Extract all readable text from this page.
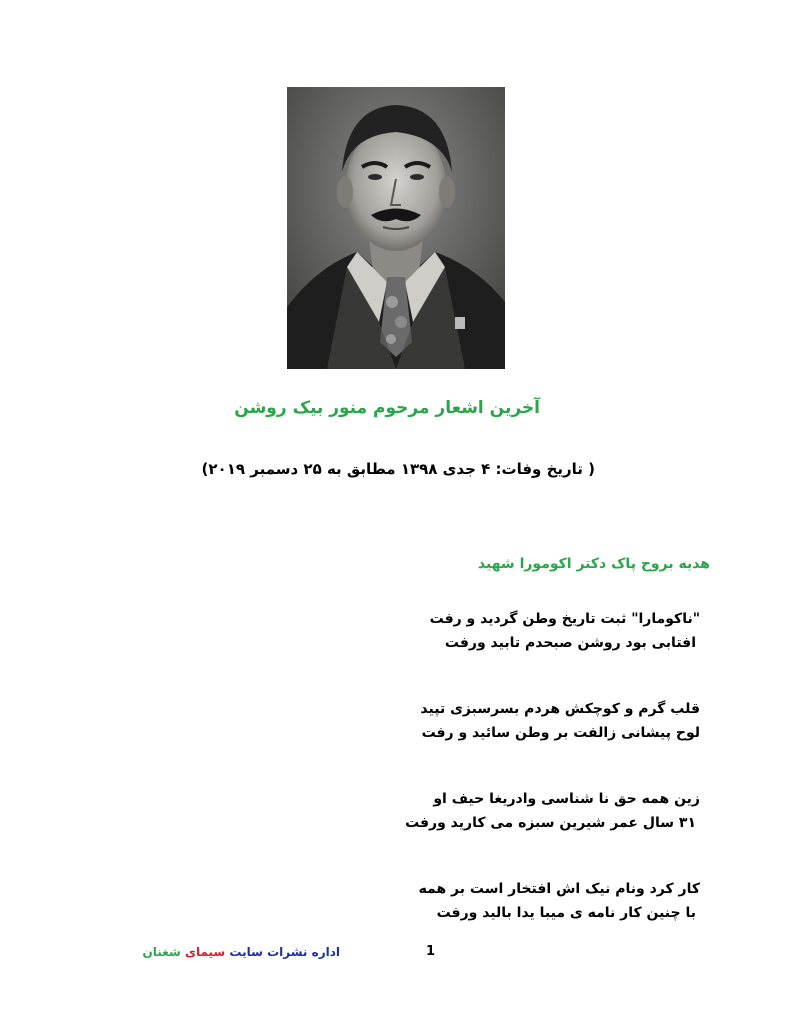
آخرین اشعار مرحوم منور بیک روشن
( تاریخ وفات: ۴ جدی ۱۳۹۸ مطابق به ۲۵ دسمبر ۲۰۱۹)
هدیه بروح پاک دکتر اکومورا شهید
"ناکومارا" ثبت تاریخ وطن گردید و رفت
افتابی بود روشن صبحدم تابید ورفت
قلب گرم و کوچکش هردم بسرسبزی تپید
لوح پیشانی زالفت بر وطن سائید و رفت
زین همه حق نا شناسی وادریغا حیف او
۳۱ سال عمر شیرین سبزه می کارید ورفت
کار کرد ونام نیک اش افتخار است بر همه
با چنین کار نامه ی میبا یدا بالید ورفت
اداره نشرات سایت سیمای شغنان	1
